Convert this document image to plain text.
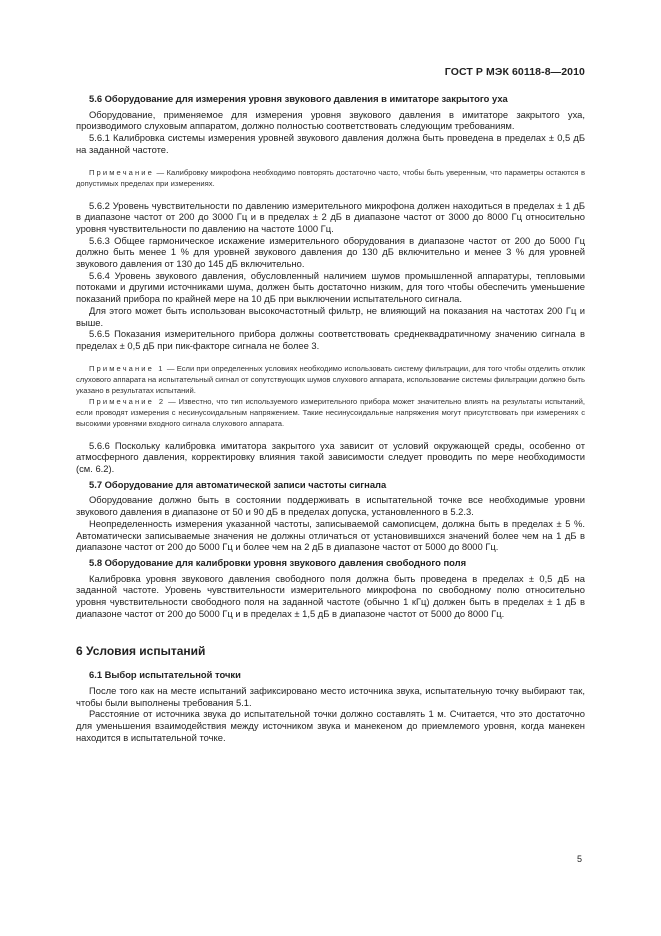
ГОСТ Р МЭК 60118-8—2010

5.6 Оборудование для измерения уровня звукового давления в имитаторе закрытого уха

Оборудование, применяемое для измерения уровня звукового давления в имитаторе закрытого уха, производимого слуховым аппаратом, должно полностью соответствовать следующим требованиям.

5.6.1 Калибровка системы измерения уровней звукового давления должна быть проведена в пределах ± 0,5 дБ на заданной частоте.

Примечание — Калибровку микрофона необходимо повторять достаточно часто, чтобы быть уверенным, что параметры остаются в допустимых пределах при измерениях.

5.6.2 Уровень чувствительности по давлению измерительного микрофона должен находиться в пределах ± 1 дБ в диапазоне частот от 200 до 3000 Гц и в пределах ± 2 дБ в диапазоне частот от 3000 до 8000 Гц относительно уровня чувствительности по давлению на частоте 1000 Гц.

5.6.3 Общее гармоническое искажение измерительного оборудования в диапазоне частот от 200 до 5000 Гц должно быть менее 1 % для уровней звукового давления до 130 дБ включительно и менее 3 % для уровней звукового давления от 130 до 145 дБ включительно.

5.6.4 Уровень звукового давления, обусловленный наличием шумов промышленной аппаратуры, тепловыми потоками и другими источниками шума, должен быть достаточно низким, для того чтобы обеспечить уменьшение показаний прибора по крайней мере на 10 дБ при выключении испытательного сигнала.

Для этого может быть использован высокочастотный фильтр, не влияющий на показания на частотах 200 Гц и выше.

5.6.5 Показания измерительного прибора должны соответствовать среднеквадратичному значению сигнала в пределах ± 0,5 дБ при пик-факторе сигнала не более 3.

Примечание 1 — Если при определенных условиях необходимо использовать систему фильтрации, для того чтобы отделить отклик слухового аппарата на испытательный сигнал от сопутствующих шумов слухового аппарата, использование системы фильтрации должно быть указано в результатах испытаний.

Примечание 2 — Известно, что тип используемого измерительного прибора может значительно влиять на результаты испытаний, если проводят измерения с несинусоидальным напряжением. Такие несинусоидальные напряжения могут присутствовать при измерениях с высокими уровнями входного сигнала слухового аппарата.

5.6.6 Поскольку калибровка имитатора закрытого уха зависит от условий окружающей среды, особенно от атмосферного давления, корректировку влияния такой зависимости следует проводить по мере необходимости (см. 6.2).

5.7 Оборудование для автоматической записи частоты сигнала

Оборудование должно быть в состоянии поддерживать в испытательной точке все необходимые уровни звукового давления в диапазоне от 50 и 90 дБ в пределах допуска, установленного в 5.2.3.

Неопределенность измерения указанной частоты, записываемой самописцем, должна быть в пределах ± 5 %. Автоматически записываемые значения не должны отличаться от установившихся значений более чем на 1 дБ в диапазоне частот от 200 до 5000 Гц и более чем на 2 дБ в диапазоне частот от 5000 до 8000 Гц.

5.8 Оборудование для калибровки уровня звукового давления свободного поля

Калибровка уровня звукового давления свободного поля должна быть проведена в пределах ± 0,5 дБ на заданной частоте. Уровень чувствительности измерительного микрофона по свободному полю относительно уровня чувствительности свободного поля на заданной частоте (обычно 1 кГц) должен быть в пределах ± 1 дБ в диапазоне частот от 200 до 5000 Гц и в пределах ± 1,5 дБ в диапазоне частот от 5000 до 8000 Гц.

6 Условия испытаний

6.1 Выбор испытательной точки

После того как на месте испытаний зафиксировано место источника звука, испытательную точку выбирают так, чтобы были выполнены требования 5.1.

Расстояние от источника звука до испытательной точки должно составлять 1 м. Считается, что это достаточно для уменьшения взаимодействия между источником звука и манекеном до приемлемого уровня, когда манекен находится в испытательной точке.

5
